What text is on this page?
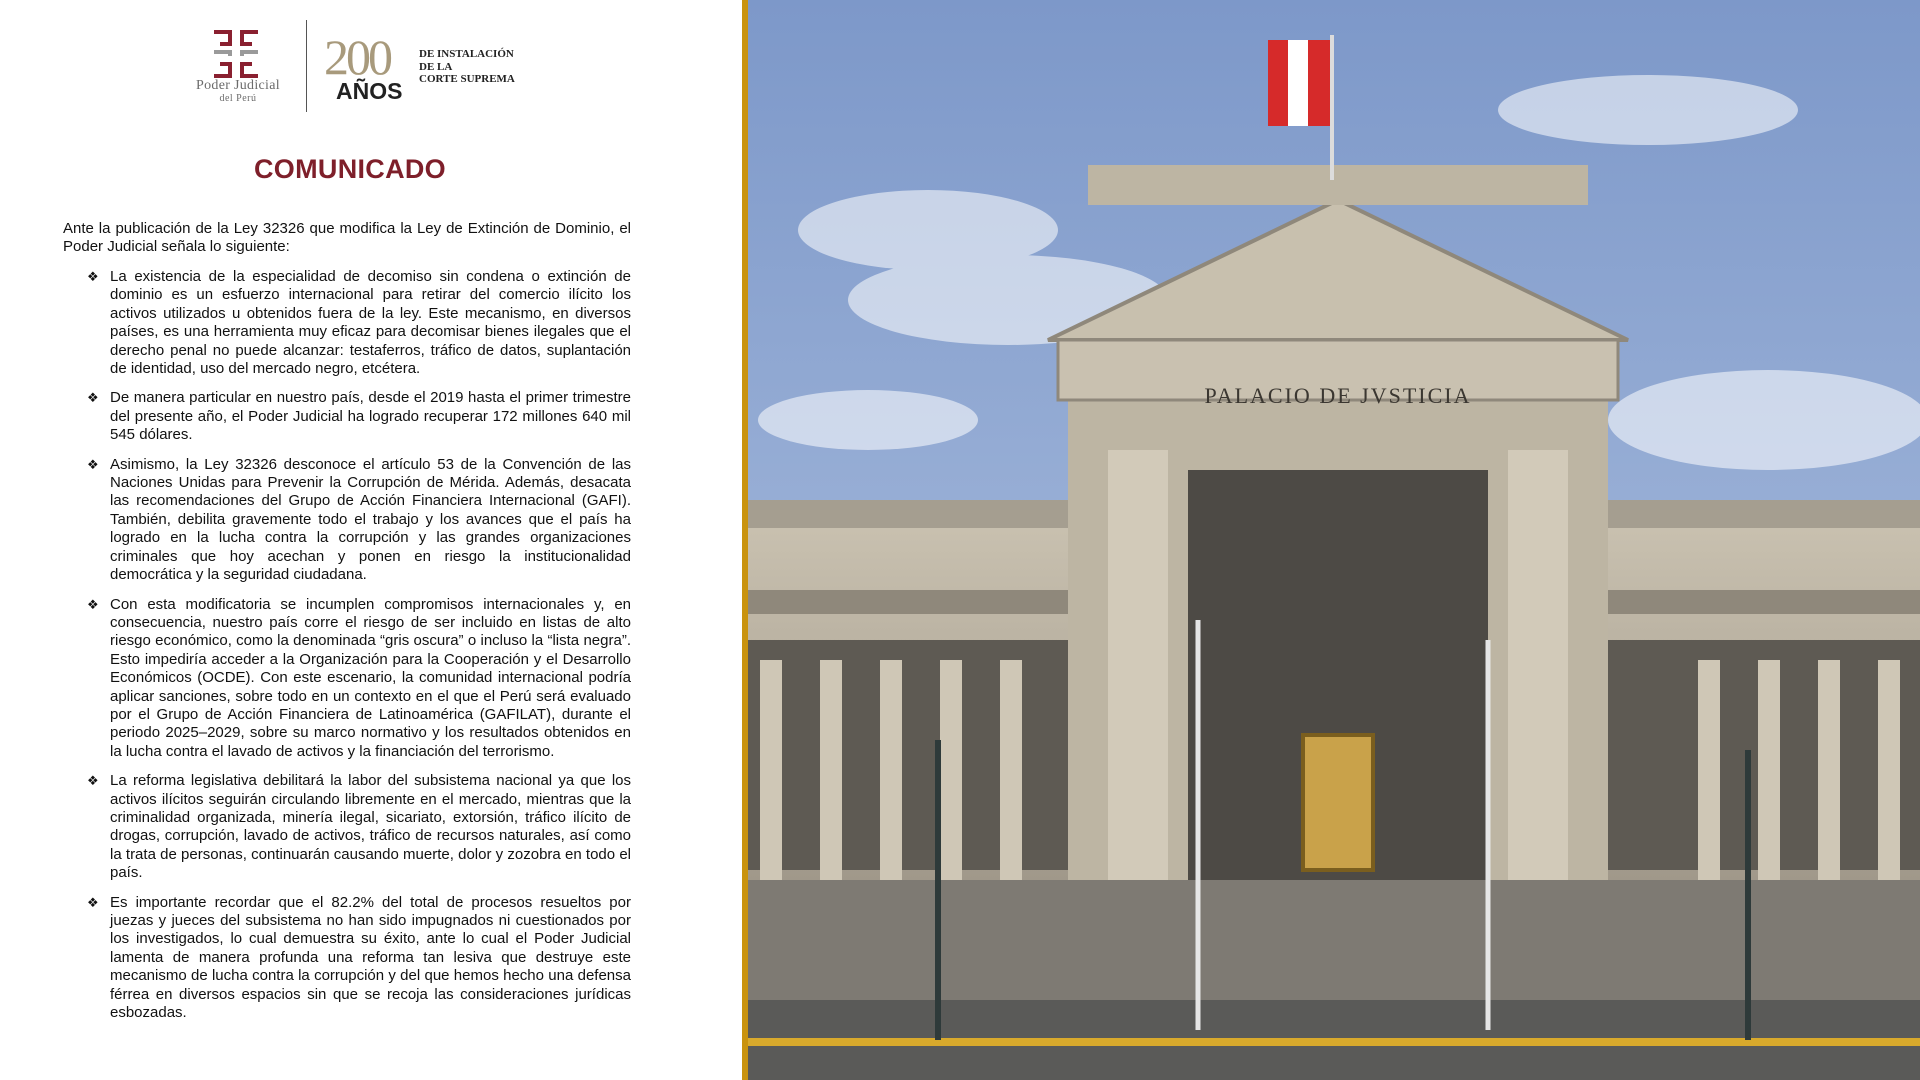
Poder Judicial
del Perú
200
AÑOS
DE INSTALACIÓN
DE LA
CORTE SUPREMA
COMUNICADO
Ante la publicación de la Ley 32326 que modifica la Ley de Extinción de Dominio, el Poder Judicial señala lo siguiente:
❖ La existencia de la especialidad de decomiso sin condena o extinción de dominio es un esfuerzo internacional para retirar del comercio ilícito los activos utilizados u obtenidos fuera de la ley. Este mecanismo, en diversos países, es una herramienta muy eficaz para decomisar bienes ilegales que el derecho penal no puede alcanzar: testaferros, tráfico de datos, suplantación de identidad, uso del mercado negro, etcétera.
❖ De manera particular en nuestro país, desde el 2019 hasta el primer trimestre del presente año, el Poder Judicial ha logrado recuperar 172 millones 640 mil 545 dólares.
❖ Asimismo, la Ley 32326 desconoce el artículo 53 de la Convención de las Naciones Unidas para Prevenir la Corrupción de Mérida. Además, desacata las recomendaciones del Grupo de Acción Financiera Internacional (GAFI). También, debilita gravemente todo el trabajo y los avances que el país ha logrado en la lucha contra la corrupción y las grandes organizaciones criminales que hoy acechan y ponen en riesgo la institucionalidad democrática y la seguridad ciudadana.
❖ Con esta modificatoria se incumplen compromisos internacionales y, en consecuencia, nuestro país corre el riesgo de ser incluido en listas de alto riesgo económico, como la denominada “gris oscura” o incluso la “lista negra”. Esto impediría acceder a la Organización para la Cooperación y el Desarrollo Económicos (OCDE). Con este escenario, la comunidad internacional podría aplicar sanciones, sobre todo en un contexto en el que el Perú será evaluado por el Grupo de Acción Financiera de Latinoamérica (GAFILAT), durante el periodo 2025–2029, sobre su marco normativo y los resultados obtenidos en la lucha contra el lavado de activos y la financiación del terrorismo.
❖ La reforma legislativa debilitará la labor del subsistema nacional ya que los activos ilícitos seguirán circulando libremente en el mercado, mientras que la criminalidad organizada, minería ilegal, sicariato, extorsión, tráfico ilícito de drogas, corrupción, lavado de activos, tráfico de recursos naturales, así como la trata de personas, continuarán causando muerte, dolor y zozobra en todo el país.
❖ Es importante recordar que el 82.2% del total de procesos resueltos por juezas y jueces del subsistema no han sido impugnados ni cuestionados por los investigados, lo cual demuestra su éxito, ante lo cual el Poder Judicial lamenta de manera profunda una reforma tan lesiva que destruye este mecanismo de lucha contra la corrupción y del que hemos hecho una defensa férrea en diversos espacios sin que se recoja las consideraciones jurídicas esbozadas.
PALACIO DE JVSTICIA
